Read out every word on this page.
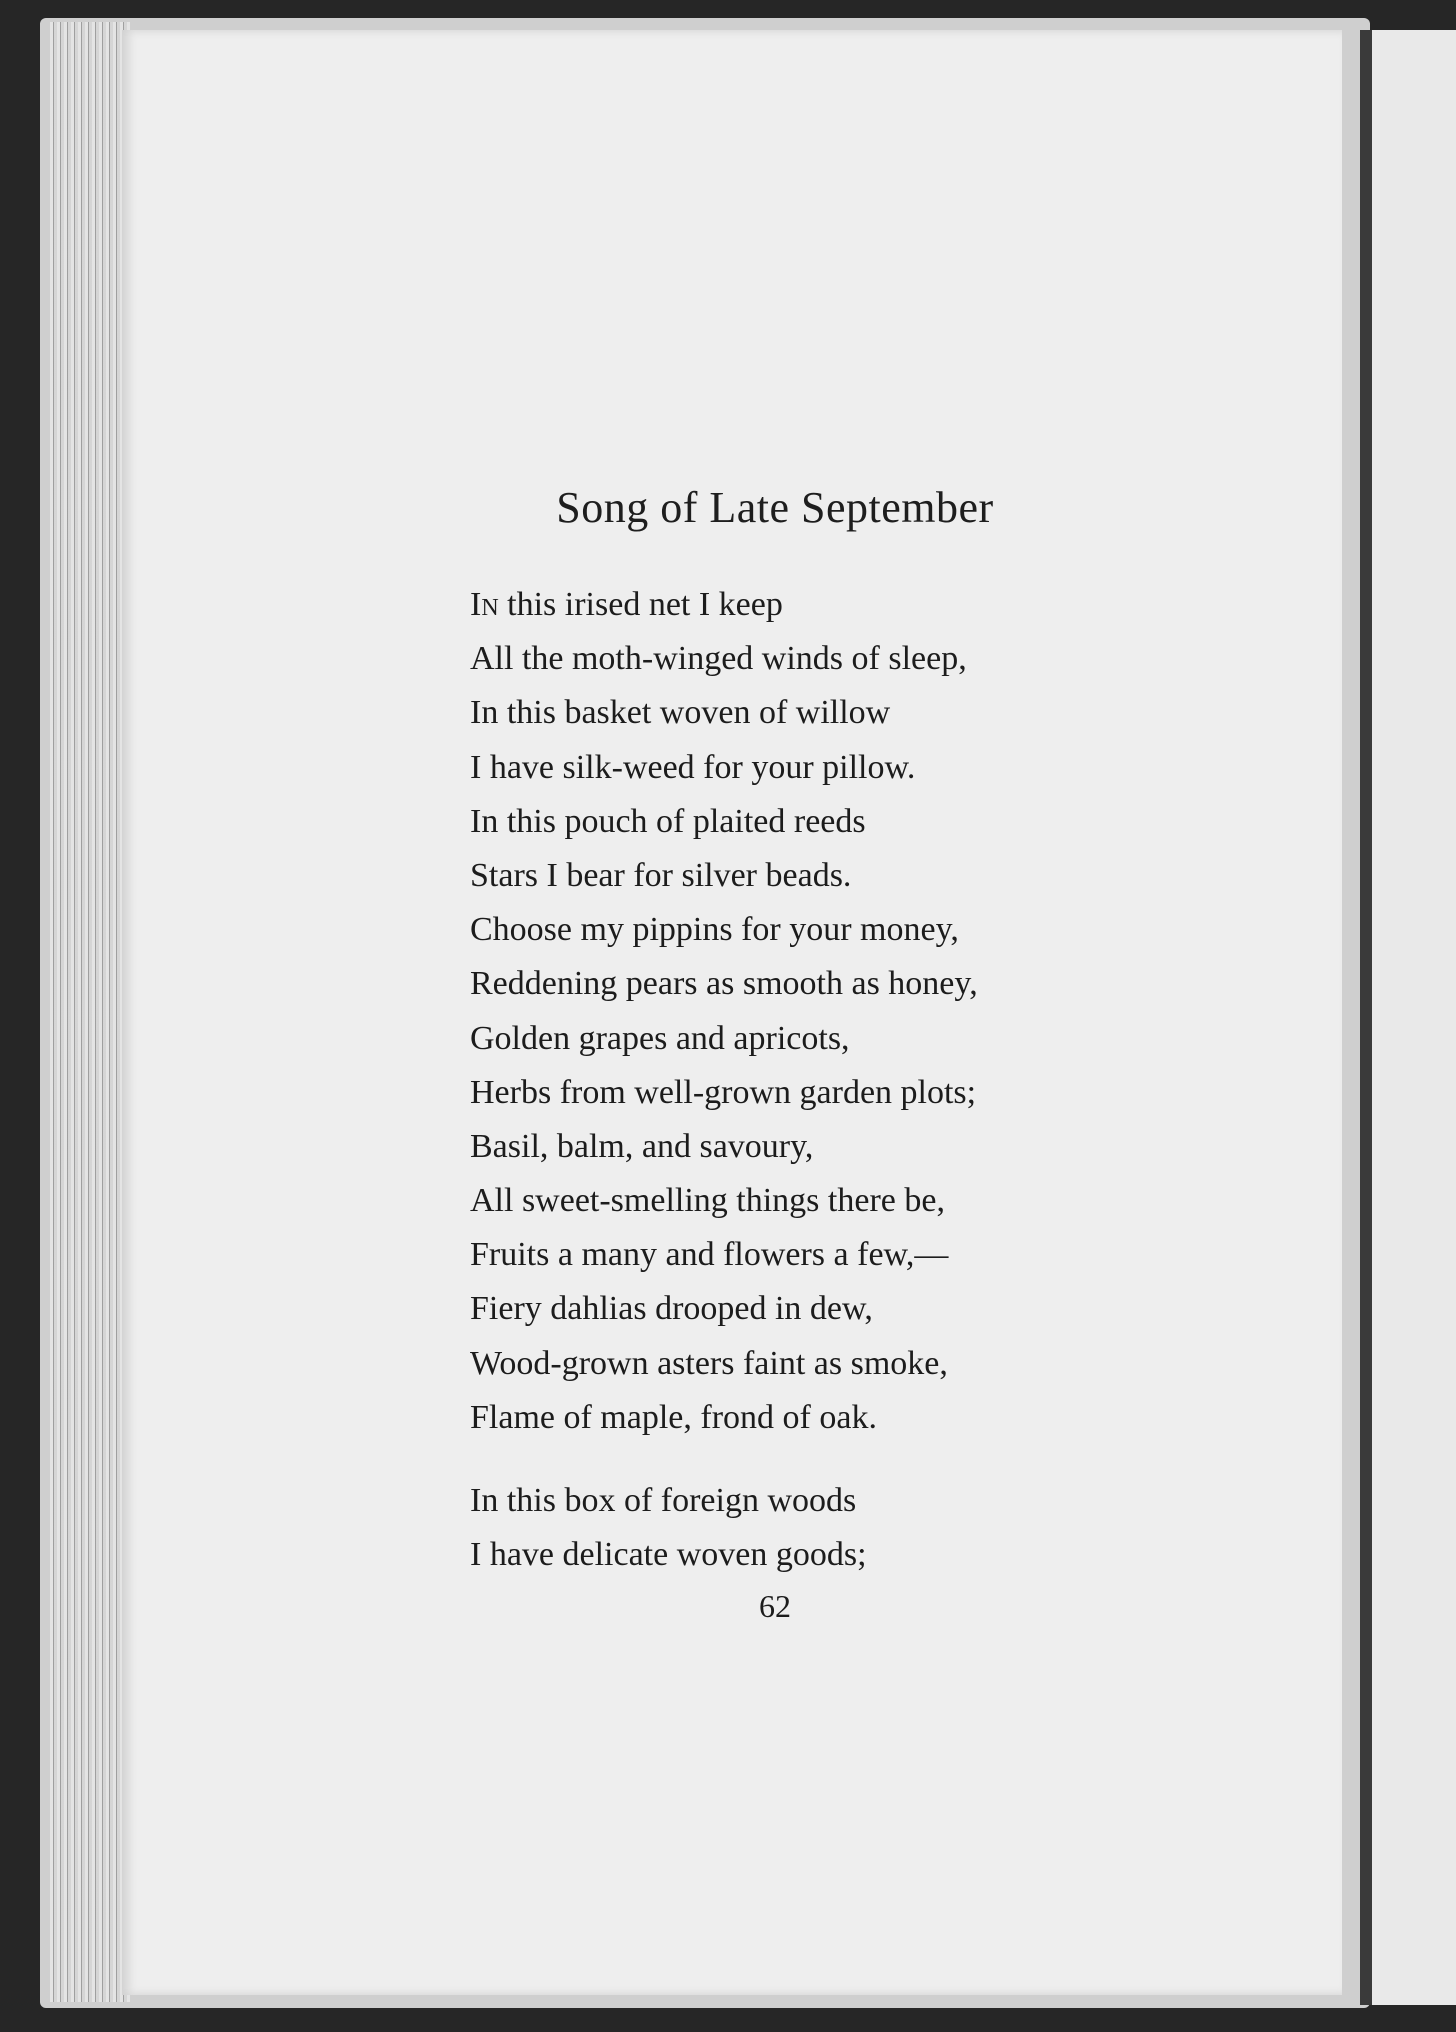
Song of Late September
In this irised net I keep
All the moth-winged winds of sleep,
In this basket woven of willow
I have silk-weed for your pillow.
In this pouch of plaited reeds
Stars I bear for silver beads.
Choose my pippins for your money,
Reddening pears as smooth as honey,
Golden grapes and apricots,
Herbs from well-grown garden plots;
Basil, balm, and savoury,
All sweet-smelling things there be,
Fruits a many and flowers a few,—
Fiery dahlias drooped in dew,
Wood-grown asters faint as smoke,
Flame of maple, frond of oak.
In this box of foreign woods
I have delicate woven goods;
62
